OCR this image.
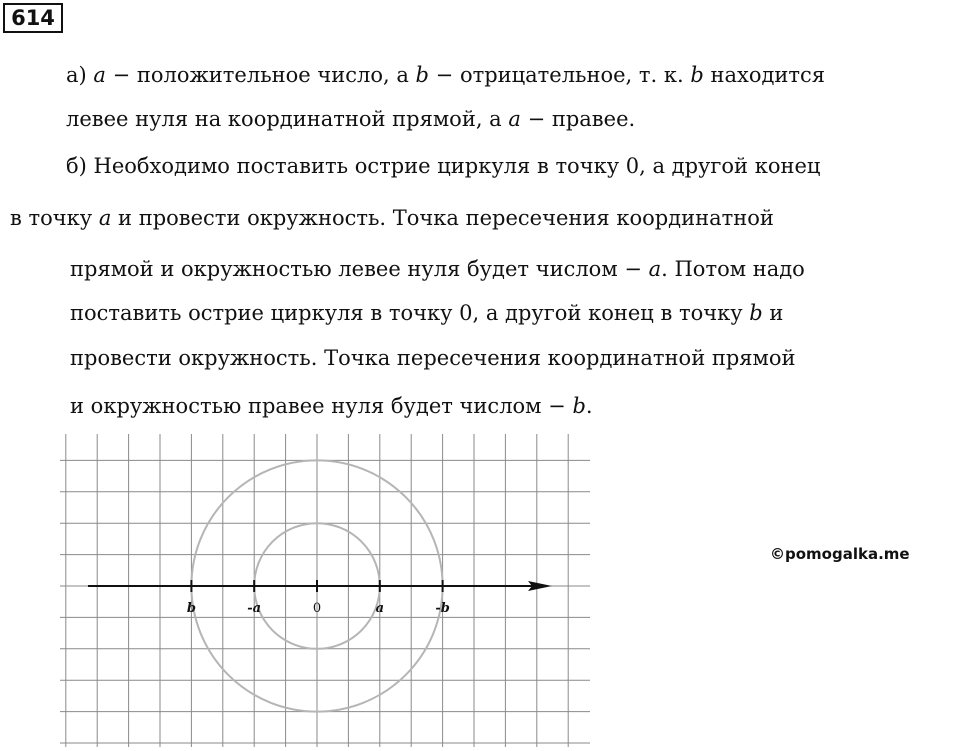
614
а) a − положительное число, а b − отрицательное, т. к. b находится
левее нуля на координатной прямой, а a − правее.
б) Необходимо поставить острие циркуля в точку 0, а другой конец
в точку a и провести окружность. Точка пересечения координатной
прямой и окружностью левее нуля будет числом − a. Потом надо
поставить острие циркуля в точку 0, а другой конец в точку b и
провести окружность. Точка пересечения координатной прямой
и окружностью правее нуля будет числом − b.
b	-a	0	a	-b
©pomogalka.me
